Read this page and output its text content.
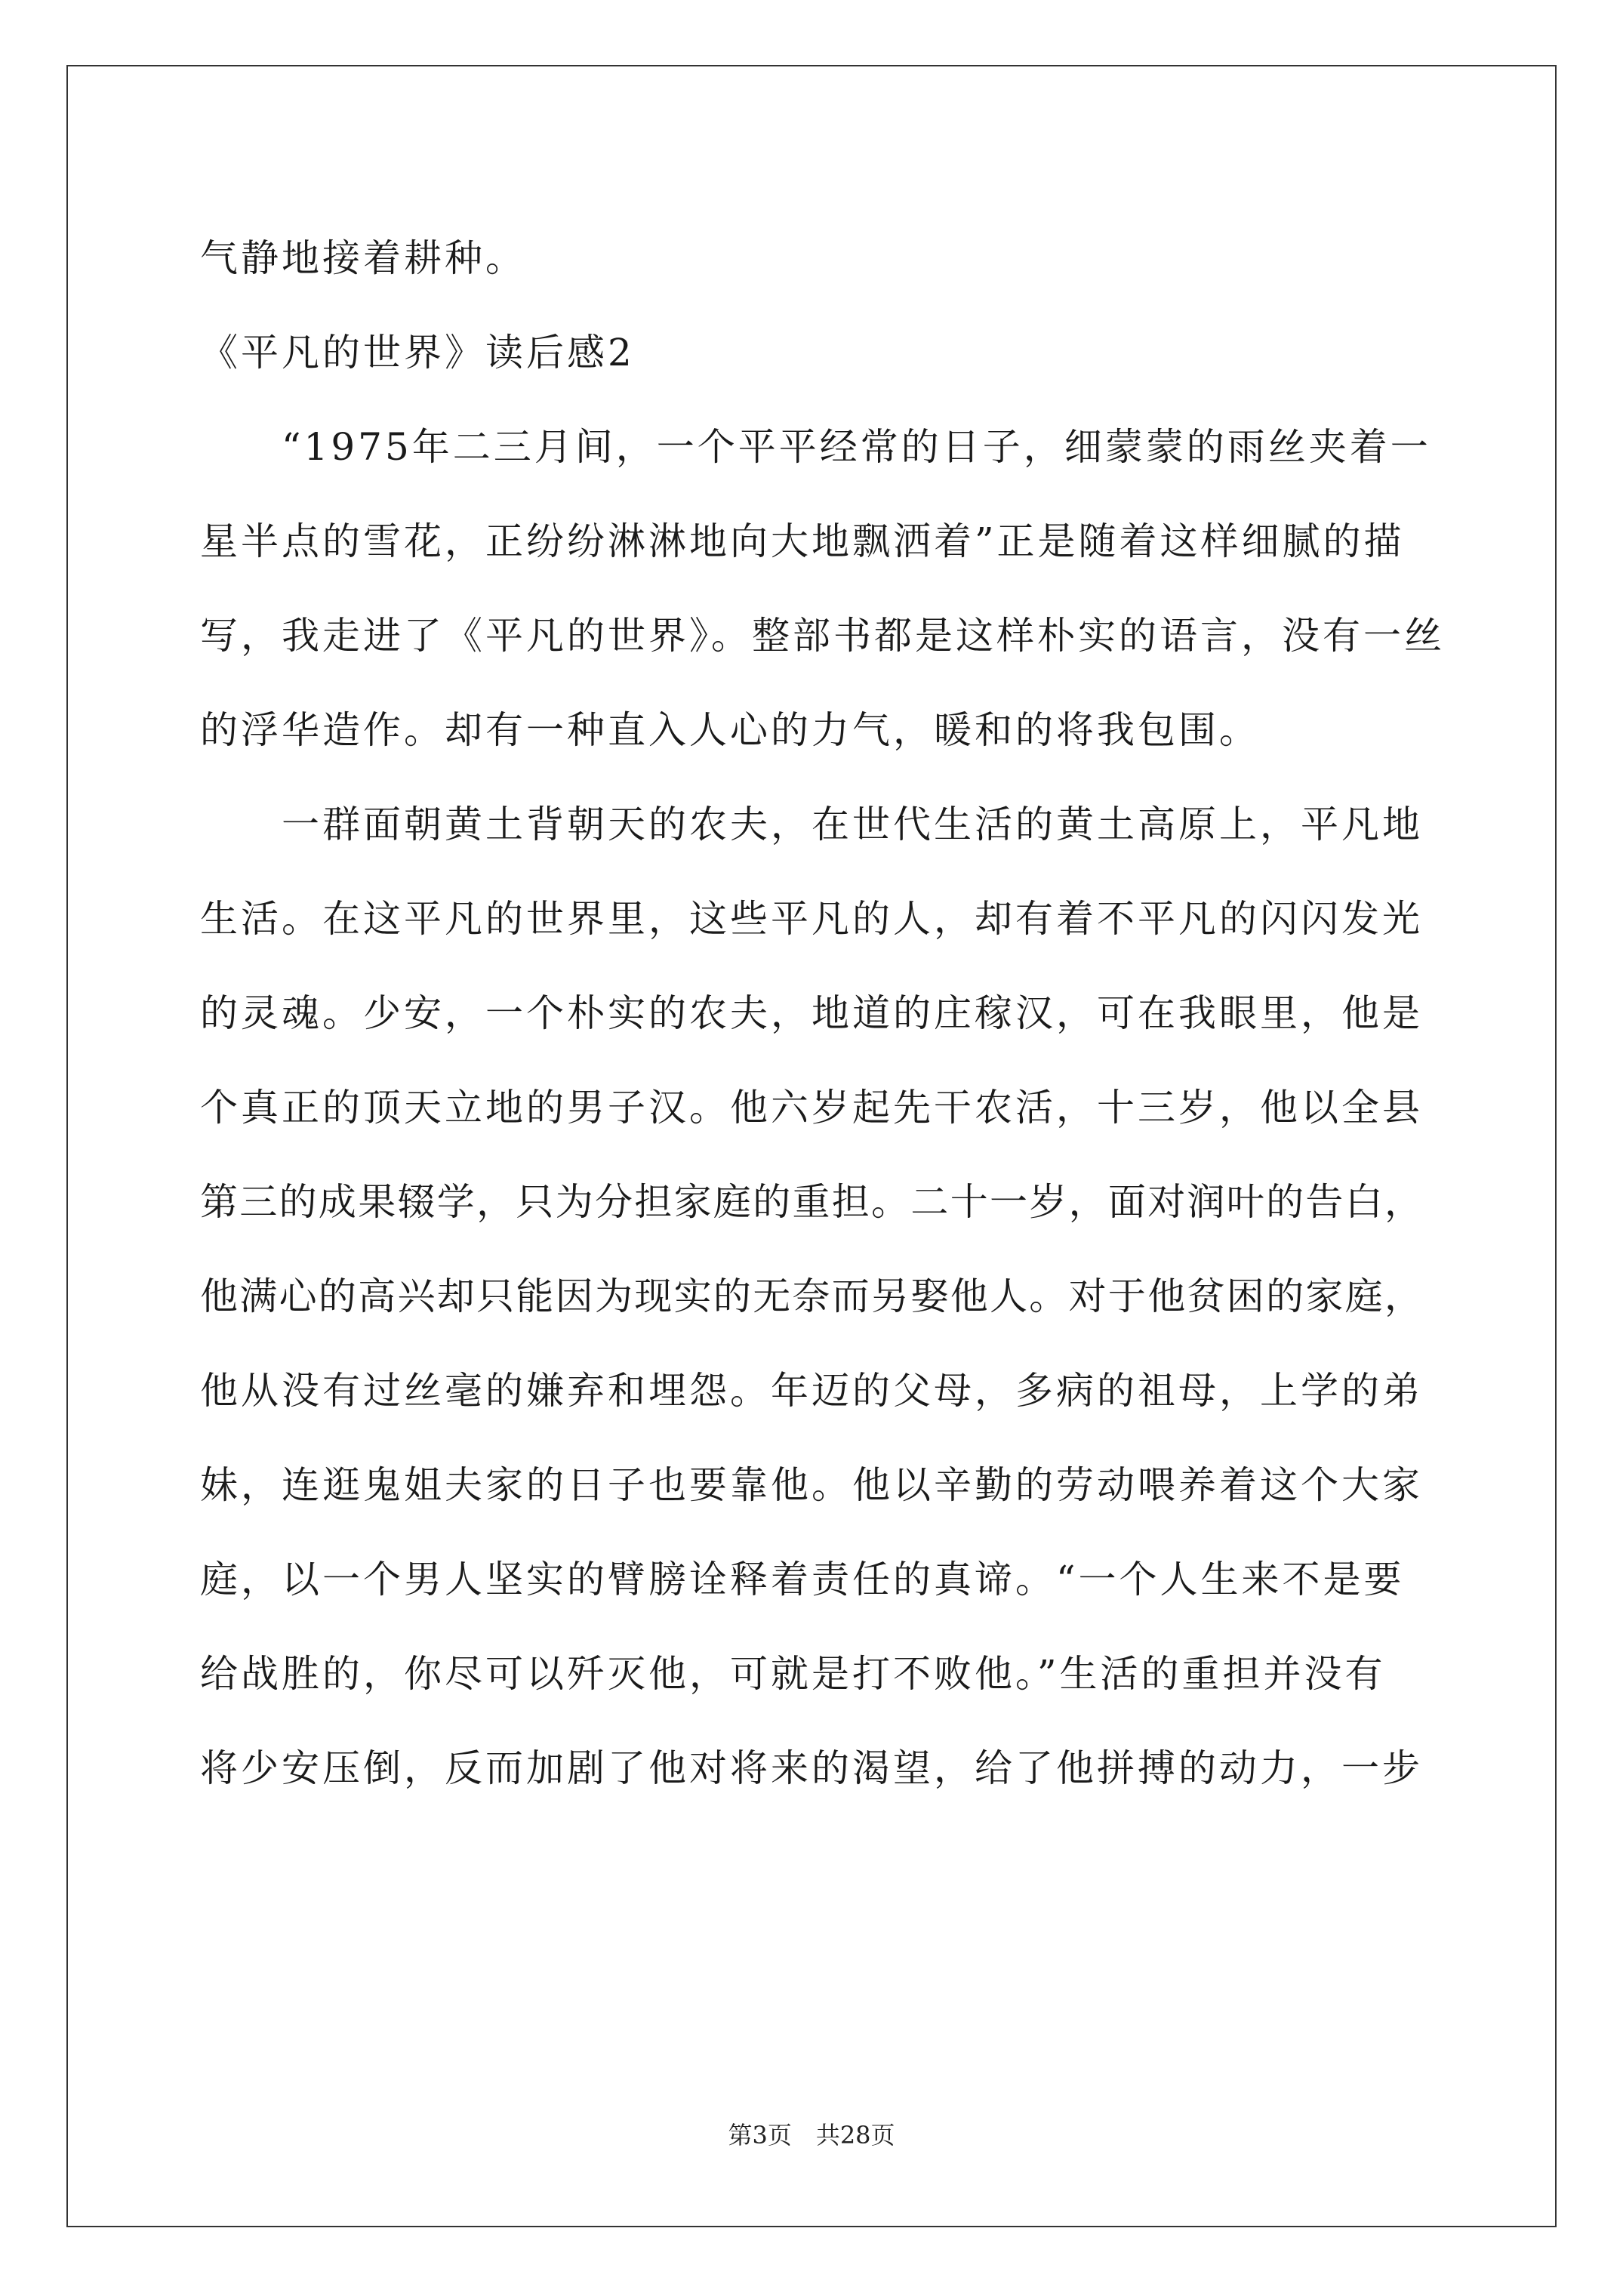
气静地接着耕种。
《平凡的世界》读后感2
“1975年二三月间，一个平平经常的日子，细蒙蒙的雨丝夹着一
星半点的雪花，正纷纷淋淋地向大地飘洒着”正是随着这样细腻的描
写，我走进了《平凡的世界》。整部书都是这样朴实的语言，没有一丝
的浮华造作。却有一种直入人心的力气，暖和的将我包围。
一群面朝黄土背朝天的农夫，在世代生活的黄土高原上，平凡地
生活。在这平凡的世界里，这些平凡的人，却有着不平凡的闪闪发光
的灵魂。少安，一个朴实的农夫，地道的庄稼汉，可在我眼里，他是
个真正的顶天立地的男子汉。他六岁起先干农活，十三岁，他以全县
第三的成果辍学，只为分担家庭的重担。二十一岁，面对润叶的告白，
他满心的高兴却只能因为现实的无奈而另娶他人。对于他贫困的家庭，
他从没有过丝毫的嫌弃和埋怨。年迈的父母，多病的祖母，上学的弟
妹，连逛鬼姐夫家的日子也要靠他。他以辛勤的劳动喂养着这个大家
庭，以一个男人坚实的臂膀诠释着责任的真谛。“一个人生来不是要
给战胜的，你尽可以歼灭他，可就是打不败他。”生活的重担并没有
将少安压倒，反而加剧了他对将来的渴望，给了他拼搏的动力，一步
第3页　共28页
